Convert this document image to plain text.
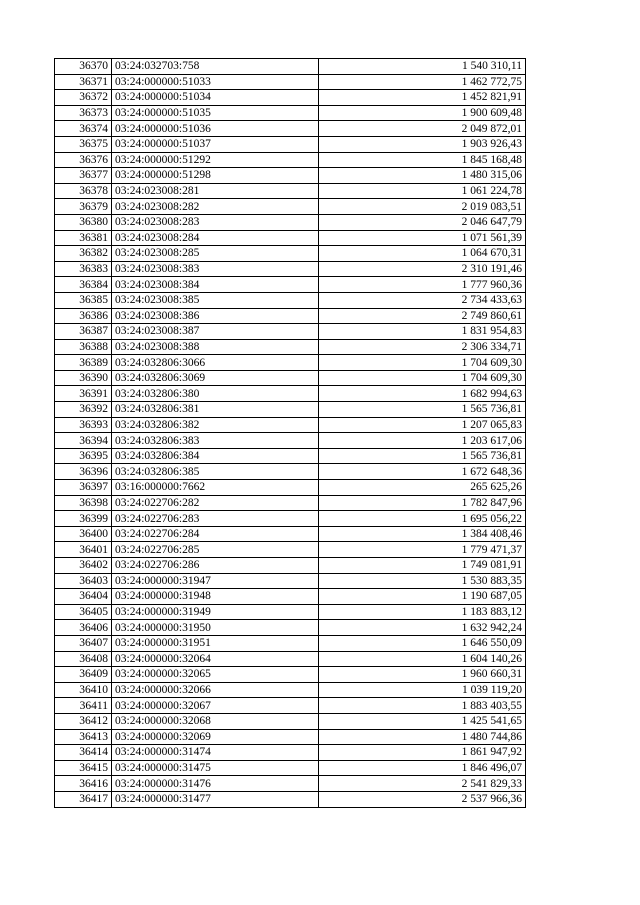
36370	03:24:032703:758	1 540 310,11
36371	03:24:000000:51033	1 462 772,75
36372	03:24:000000:51034	1 452 821,91
36373	03:24:000000:51035	1 900 609,48
36374	03:24:000000:51036	2 049 872,01
36375	03:24:000000:51037	1 903 926,43
36376	03:24:000000:51292	1 845 168,48
36377	03:24:000000:51298	1 480 315,06
36378	03:24:023008:281	1 061 224,78
36379	03:24:023008:282	2 019 083,51
36380	03:24:023008:283	2 046 647,79
36381	03:24:023008:284	1 071 561,39
36382	03:24:023008:285	1 064 670,31
36383	03:24:023008:383	2 310 191,46
36384	03:24:023008:384	1 777 960,36
36385	03:24:023008:385	2 734 433,63
36386	03:24:023008:386	2 749 860,61
36387	03:24:023008:387	1 831 954,83
36388	03:24:023008:388	2 306 334,71
36389	03:24:032806:3066	1 704 609,30
36390	03:24:032806:3069	1 704 609,30
36391	03:24:032806:380	1 682 994,63
36392	03:24:032806:381	1 565 736,81
36393	03:24:032806:382	1 207 065,83
36394	03:24:032806:383	1 203 617,06
36395	03:24:032806:384	1 565 736,81
36396	03:24:032806:385	1 672 648,36
36397	03:16:000000:7662	265 625,26
36398	03:24:022706:282	1 782 847,96
36399	03:24:022706:283	1 695 056,22
36400	03:24:022706:284	1 384 408,46
36401	03:24:022706:285	1 779 471,37
36402	03:24:022706:286	1 749 081,91
36403	03:24:000000:31947	1 530 883,35
36404	03:24:000000:31948	1 190 687,05
36405	03:24:000000:31949	1 183 883,12
36406	03:24:000000:31950	1 632 942,24
36407	03:24:000000:31951	1 646 550,09
36408	03:24:000000:32064	1 604 140,26
36409	03:24:000000:32065	1 960 660,31
36410	03:24:000000:32066	1 039 119,20
36411	03:24:000000:32067	1 883 403,55
36412	03:24:000000:32068	1 425 541,65
36413	03:24:000000:32069	1 480 744,86
36414	03:24:000000:31474	1 861 947,92
36415	03:24:000000:31475	1 846 496,07
36416	03:24:000000:31476	2 541 829,33
36417	03:24:000000:31477	2 537 966,36
